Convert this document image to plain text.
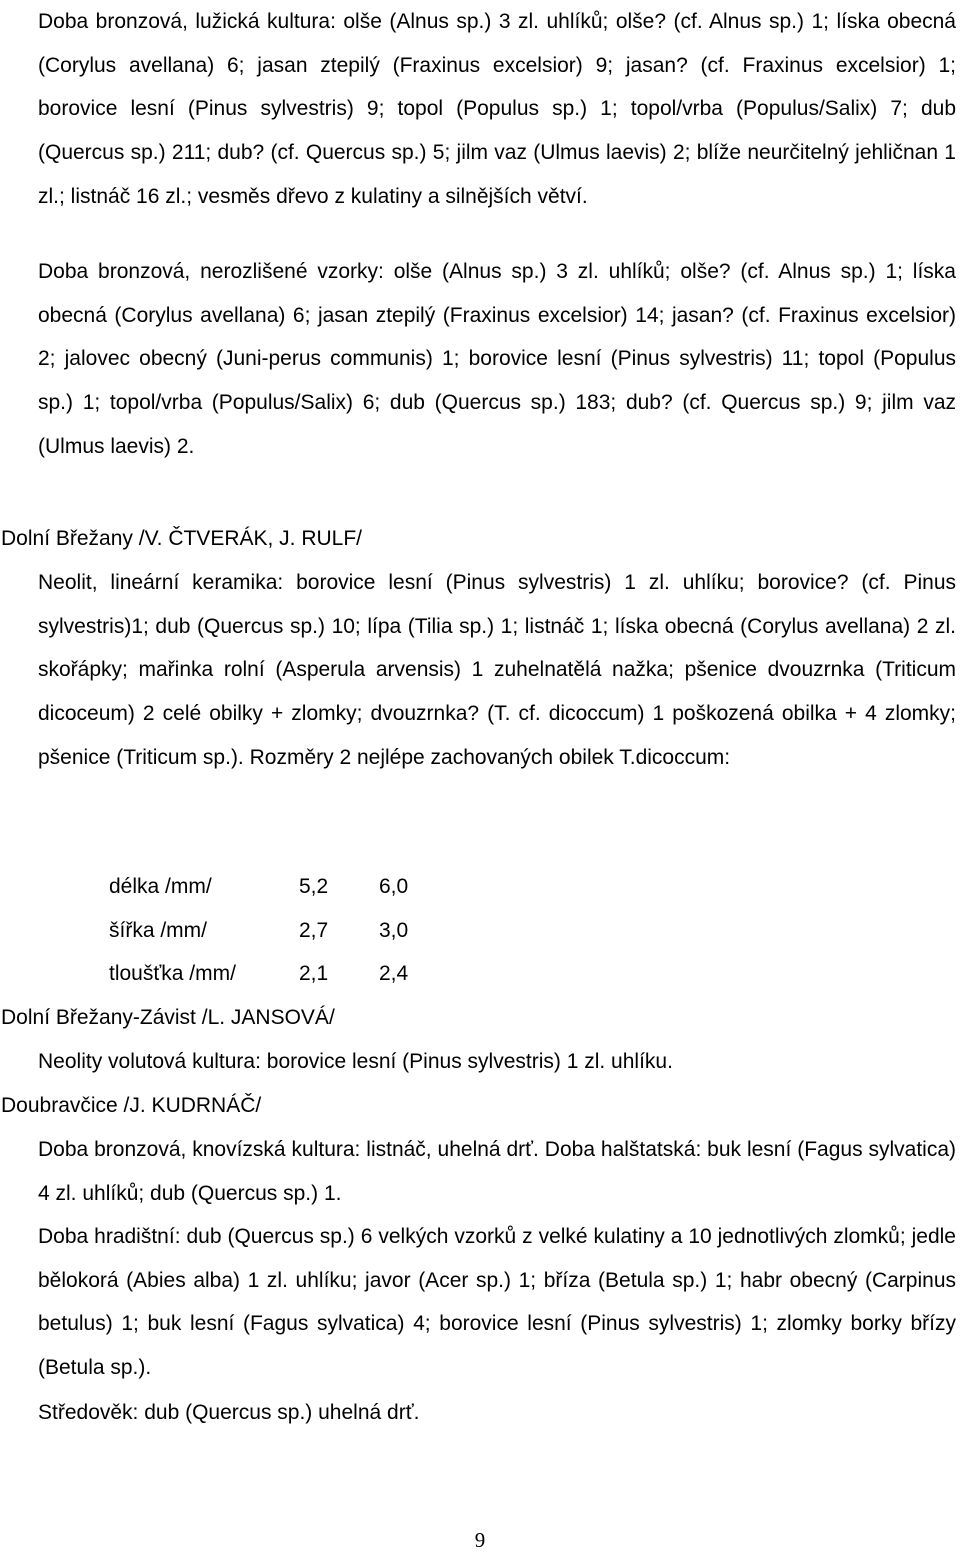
Doba bronzová, lužická kultura: olše (Alnus sp.) 3 zl. uhlíků; olše? (cf. Alnus sp.) 1; líska obecná (Corylus avellana) 6; jasan ztepilý (Fraxinus excelsior) 9; jasan? (cf. Fraxinus excelsior) 1; borovice lesní (Pinus sylvestris) 9; topol (Populus sp.) 1; topol/vrba (Populus/Salix) 7; dub (Quercus sp.) 211; dub? (cf. Quercus sp.) 5; jilm vaz (Ulmus laevis) 2; blíže neurčitelný jehličnan 1 zl.; listnáč 16 zl.; vesměs dřevo z kulatiny a silnějších větví.

Doba bronzová, nerozlišené vzorky: olše (Alnus sp.) 3 zl. uhlíků; olše? (cf. Alnus sp.) 1; líska obecná (Corylus avellana) 6; jasan ztepilý (Fraxinus excelsior) 14; jasan? (cf. Fraxinus excelsior) 2; jalovec obecný (Juni-perus communis) 1; borovice lesní (Pinus sylvestris) 11; topol (Populus sp.) 1; topol/vrba (Populus/Salix) 6; dub (Quercus sp.) 183; dub? (cf. Quercus sp.) 9; jilm vaz (Ulmus laevis) 2.

Dolní Břežany /V. ČTVERÁK, J. RULF/

Neolit, lineární keramika: borovice lesní (Pinus sylvestris) 1 zl. uhlíku; borovice? (cf. Pinus sylvestris)1; dub (Quercus sp.) 10; lípa (Tilia sp.) 1; listnáč 1; líska obecná (Corylus avellana) 2 zl. skořápky; mařinka rolní (Asperula arvensis) 1 zuhelnatělá nažka; pšenice dvouzrnka (Triticum dicoceum) 2 celé obilky + zlomky; dvouzrnka? (T. cf. dicoccum) 1 poškozená obilka + 4 zlomky; pšenice (Triticum sp.). Rozměry 2 nejlépe zachovaných obilek T.dicoccum:

délka /mm/	5,2	6,0
šířka /mm/	2,7	3,0
tloušťka /mm/	2,1	2,4

Dolní Břežany-Závist /L. JANSOVÁ/

Neolity volutová kultura: borovice lesní (Pinus sylvestris) 1 zl. uhlíku.

Doubravčice /J. KUDRNÁČ/

Doba bronzová, knovízská kultura: listnáč, uhelná drť. Doba halštatská: buk lesní (Fagus sylvatica) 4 zl. uhlíků; dub (Quercus sp.) 1.

Doba hradištní: dub (Quercus sp.) 6 velkých vzorků z velké kulatiny a 10 jednotlivých zlomků; jedle bělokorá (Abies alba) 1 zl. uhlíku; javor (Acer sp.) 1; bříza (Betula sp.) 1; habr obecný (Carpinus betulus) 1; buk lesní (Fagus sylvatica) 4; borovice lesní (Pinus sylvestris) 1; zlomky borky břízy (Betula sp.).

Středověk: dub (Quercus sp.) uhelná drť.

9
